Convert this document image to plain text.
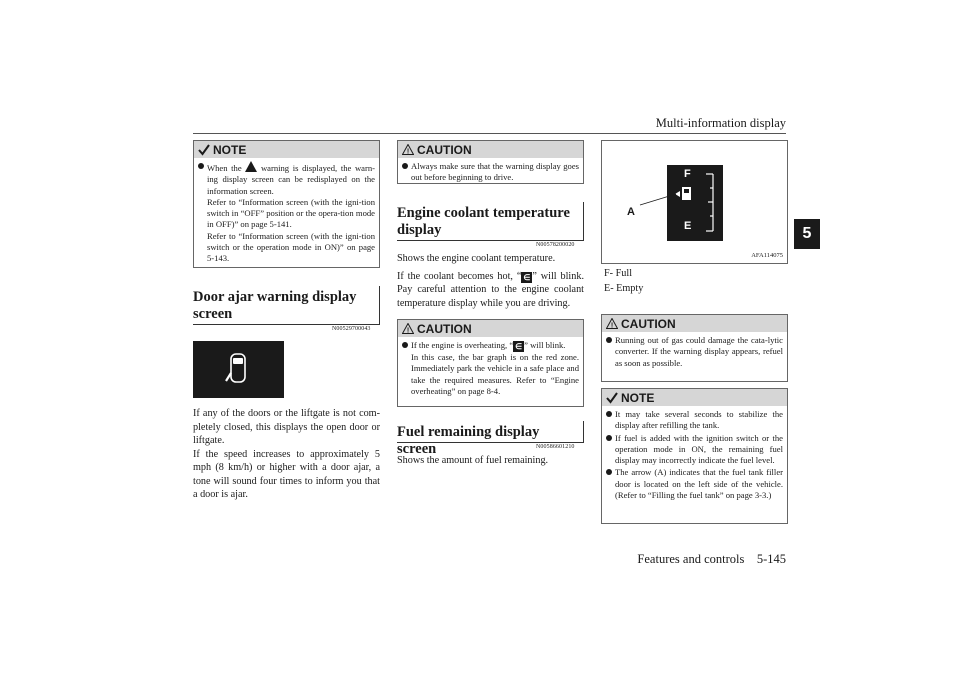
Multi-information display
5
Features and controls    5-145
NOTE
When the warning is displayed, the warn-ing display screen can be redisplayed on the information screen.
Refer to “Information screen (with the igni-tion switch in “OFF” position or the opera-tion mode in OFF)” on page 5-141.
Refer to “Information screen (with the igni-tion switch or the operation mode in ON)” on page 5-143.
Door ajar warning display
screen
N00529700043
If any of the doors or the liftgate is not com-pletely closed, this displays the open door or liftgate.
If the speed increases to approximately 5 mph (8 km/h) or higher with a door ajar, a tone will sound four times to inform you that a door is ajar.
! CAUTION
Always make sure that the warning display goes out before beginning to drive.
Engine coolant temperature
display
N00578200020
Shows the engine coolant temperature.

If the coolant becomes hot, “ ∈ ” will blink. Pay careful attention to the engine coolant temperature display while you are driving.
! CAUTION
If the engine is overheating, “ ∈ ” will blink.
In this case, the bar graph is on the red zone. Immediately park the vehicle in a safe place and take the required measures. Refer to “Engine overheating” on page 8-4.
Fuel remaining display screen	N00586601210
Shows the amount of fuel remaining.
F
E
A
AFA114075
F- Full
E- Empty
! CAUTION
Running out of gas could damage the cata-lytic converter. If the warning display appears, refuel as soon as possible.
NOTE
It may take several seconds to stabilize the display after refilling the tank.
If fuel is added with the ignition switch or the operation mode in ON, the remaining fuel display may incorrectly indicate the fuel level.
The arrow (A) indicates that the fuel tank filler door is located on the left side of the vehicle. (Refer to “Filling the fuel tank” on page 3-3.)
